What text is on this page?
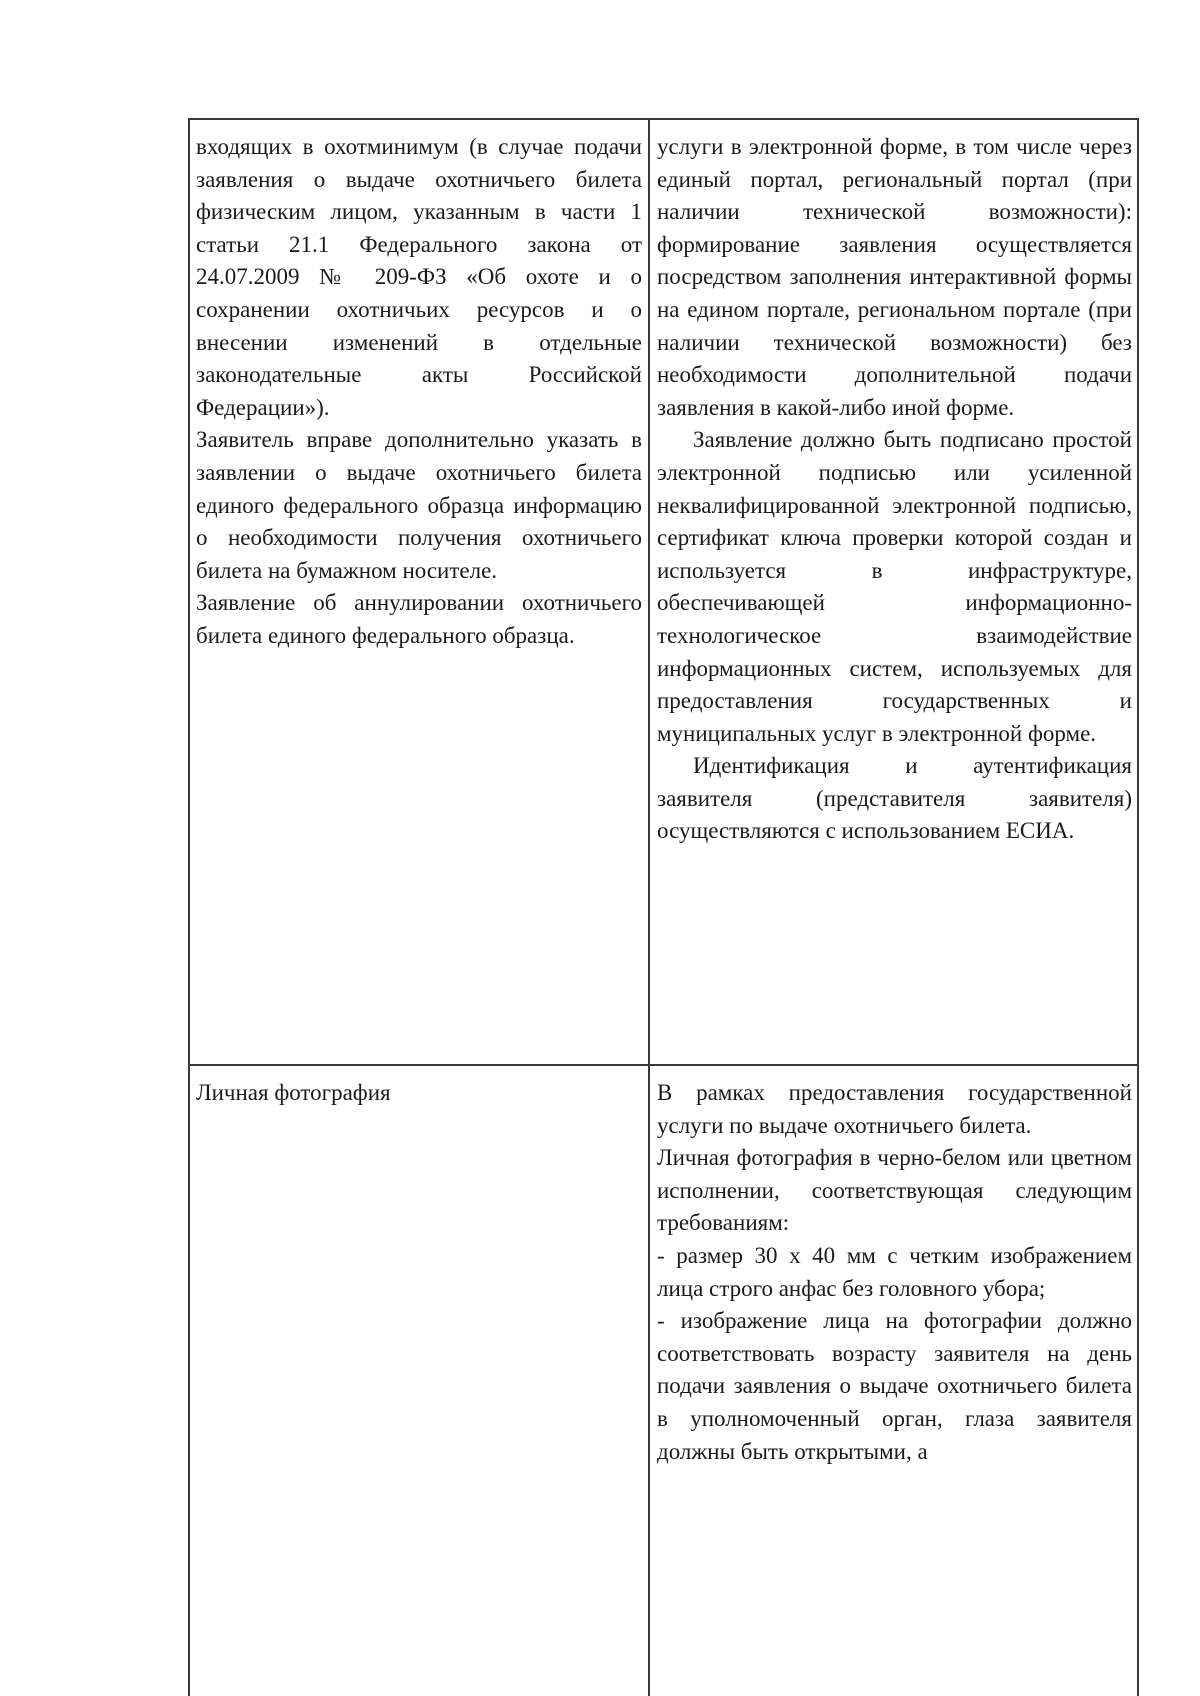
входящих в охотминимум (в случае подачи заявления о выдаче охотничьего билета физическим лицом, указанным в части 1 статьи 21.1 Федерального закона от 24.07.2009 № 209-ФЗ «Об охоте и о сохранении охотничьих ресурсов и о внесении изменений в отдельные законодательные акты Российской Федерации»).

Заявитель вправе дополнительно указать в заявлении о выдаче охотничьего билета единого федерального образца информацию о необходимости получения охотничьего билета на бумажном носителе.

Заявление об аннулировании охотничьего билета единого федерального образца.

услуги в электронной форме, в том числе через единый портал, региональный портал (при наличии технической возможности): формирование заявления осуществляется посредством заполнения интерактивной формы на едином портале, региональном портале (при наличии технической возможности) без необходимости дополнительной подачи заявления в какой-либо иной форме.

Заявление должно быть подписано простой электронной подписью или усиленной неквалифицированной электронной подписью, сертификат ключа проверки которой создан и используется в инфраструктуре, обеспечивающей информационно-технологическое взаимодействие информационных систем, используемых для предоставления государственных и муниципальных услуг в электронной форме.

Идентификация и аутентификация заявителя (представителя заявителя) осуществляются с использованием ЕСИА.

Личная фотография	В рамках предоставления государственной услуги по выдаче охотничьего билета.

Личная фотография в черно-белом или цветном исполнении, соответствующая следующим требованиям:

- размер 30 х 40 мм с четким изображением лица строго анфас без головного убора;

- изображение лица на фотографии должно соответствовать возрасту заявителя на день подачи заявления о выдаче охотничьего билета в уполномоченный орган, глаза заявителя должны быть открытыми, а
